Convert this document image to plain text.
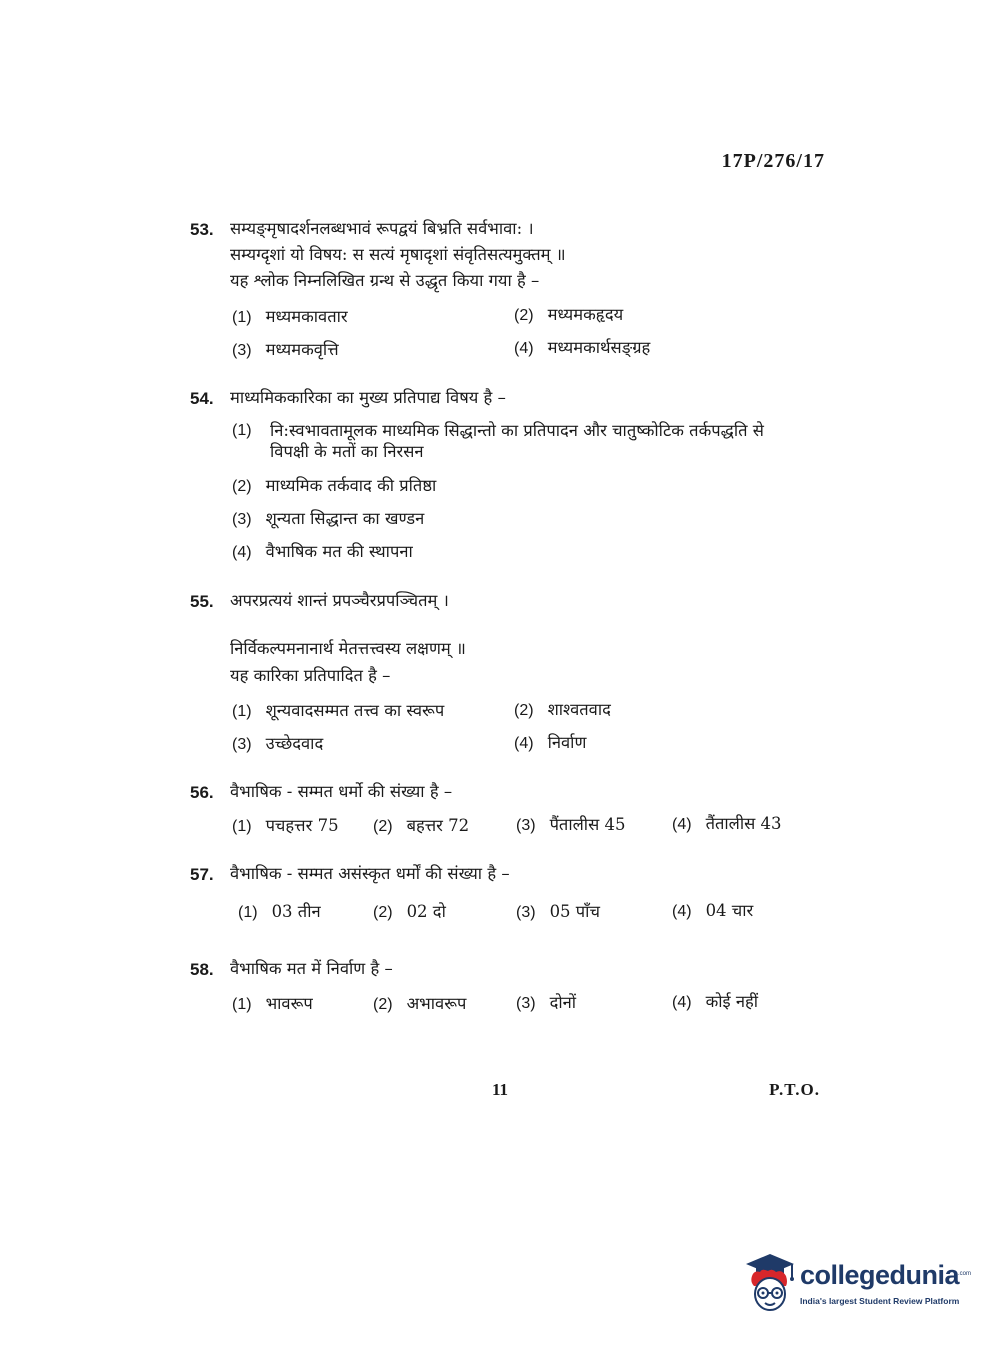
17P/276/17
53. सम्यङ्मृषादर्शनलब्धभावं रूपद्वयं बिभ्रति सर्वभावा: ।
सम्यग्दृशां यो विषय: स सत्यं मृषादृशां संवृतिसत्यमुक्तम् ॥
यह श्लोक निम्नलिखित ग्रन्थ से उद्धृत किया गया है –
(1) मध्यमकावतार	(2) मध्यमकहृदय
(3) मध्यमकवृत्ति	(4) मध्यमकार्थसङ्ग्रह
54. माध्यमिककारिका का मुख्य प्रतिपाद्य विषय है –
(1)	नि:स्वभावतामूलक माध्यमिक सिद्धान्तो का प्रतिपादन और चातुष्कोटिक तर्कपद्धति से विपक्षी के मतों का निरसन
(2) माध्यमिक तर्कवाद की प्रतिष्ठा
(3) शून्यता सिद्धान्त का खण्डन
(4) वैभाषिक मत की स्थापना
55. अपरप्रत्ययं शान्तं प्रपञ्चैरप्रपञ्चितम् ।
निर्विकल्पमनानार्थ मेतत्तत्त्वस्य लक्षणम् ॥
यह कारिका प्रतिपादित है –
(1) शून्यवादसम्मत तत्त्व का स्वरूप	(2) शाश्वतवाद
(3) उच्छेदवाद	(4) निर्वाण
56. वैभाषिक - सम्मत धर्मो की संख्या है –
(1) पचहत्तर 75 (2) बहत्तर 72	(3) पैंतालीस 45	(4) तैंतालीस 43
57. वैभाषिक - सम्मत असंस्कृत धर्मों की संख्या है –
(1) 03 तीन	(2) 02 दो	(3) 05 पाँच	(4) 04 चार
58. वैभाषिक मत में निर्वाण है –
(1) भावरूप	(2) अभावरूप	(3) दोनों	(4) कोई नहीं
11	P.T.O.
collegedunia
.com
India's largest Student Review Platform
